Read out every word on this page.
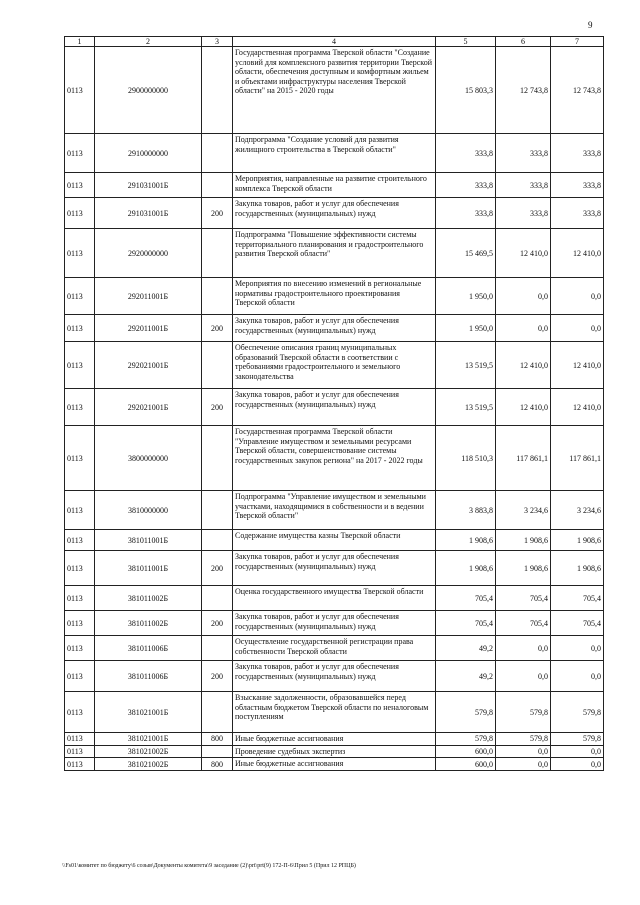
9
1	2	3	4	5	6	7
0113	2900000000		Государственная программа Тверской области "Создание условий для комплексного развития территории Тверской области, обеспечения доступным и комфортным жильем и объектами инфраструктуры населения Тверской области" на 2015 - 2020 годы	15 803,3	12 743,8	12 743,8
0113	2910000000		Подпрограмма "Создание условий для развития жилищного строительства в Тверской области"	333,8	333,8	333,8
0113	291031001Б		Мероприятия, направленные на развитие строительного комплекса Тверской области	333,8	333,8	333,8
0113	291031001Б	200	Закупка товаров, работ и услуг для обеспечения государственных (муниципальных) нужд	333,8	333,8	333,8
0113	2920000000		Подпрограмма "Повышение эффективности системы территориального планирования и градостроительного развития Тверской области"	15 469,5	12 410,0	12 410,0
0113	292011001Б		Мероприятия по внесению изменений в региональные нормативы градостроительного проектирования Тверской области	1 950,0	0,0	0,0
0113	292011001Б	200	Закупка товаров, работ и услуг для обеспечения государственных (муниципальных) нужд	1 950,0	0,0	0,0
0113	292021001Б		Обеспечение описания границ муниципальных образований Тверской области в соответствии с требованиями градостроительного и земельного законодательства	13 519,5	12 410,0	12 410,0
0113	292021001Б	200	Закупка товаров, работ и услуг для обеспечения государственных (муниципальных) нужд	13 519,5	12 410,0	12 410,0
0113	3800000000		Государственная программа Тверской области "Управление имуществом и земельными ресурсами Тверской области, совершенствование системы государственных закупок региона" на 2017 - 2022 годы	118 510,3	117 861,1	117 861,1
0113	3810000000		Подпрограмма "Управление имуществом и земельными участками, находящимися в собственности и в ведении Тверской области"	3 883,8	3 234,6	3 234,6
0113	381011001Б		Содержание имущества казны Тверской области	1 908,6	1 908,6	1 908,6
0113	381011001Б	200	Закупка товаров, работ и услуг для обеспечения государственных (муниципальных) нужд	1 908,6	1 908,6	1 908,6
0113	381011002Б		Оценка государственного имущества Тверской области	705,4	705,4	705,4
0113	381011002Б	200	Закупка товаров, работ и услуг для обеспечения государственных (муниципальных) нужд	705,4	705,4	705,4
0113	381011006Б		Осуществление государственной регистрации права собственности Тверской области	49,2	0,0	0,0
0113	381011006Б	200	Закупка товаров, работ и услуг для обеспечения государственных (муниципальных) нужд	49,2	0,0	0,0
0113	381021001Б		Взыскание задолженности, образовавшейся перед областным бюджетом Тверской области по неналоговым поступлениям	579,8	579,8	579,8
0113	381021001Б	800	Иные бюджетные ассигнования	579,8	579,8	579,8
0113	381021002Б		Проведение судебных экспертиз	600,0	0,0	0,0
0113	381021002Б	800	Иные бюджетные ассигнования	600,0	0,0	0,0
\\Fs01\комитет по бюджету\6 созыв\Документы комитета\9 заседание (2)\prt\prt(9) 172-П-6\Прил 5 (Прил 12 РПЦБ)
